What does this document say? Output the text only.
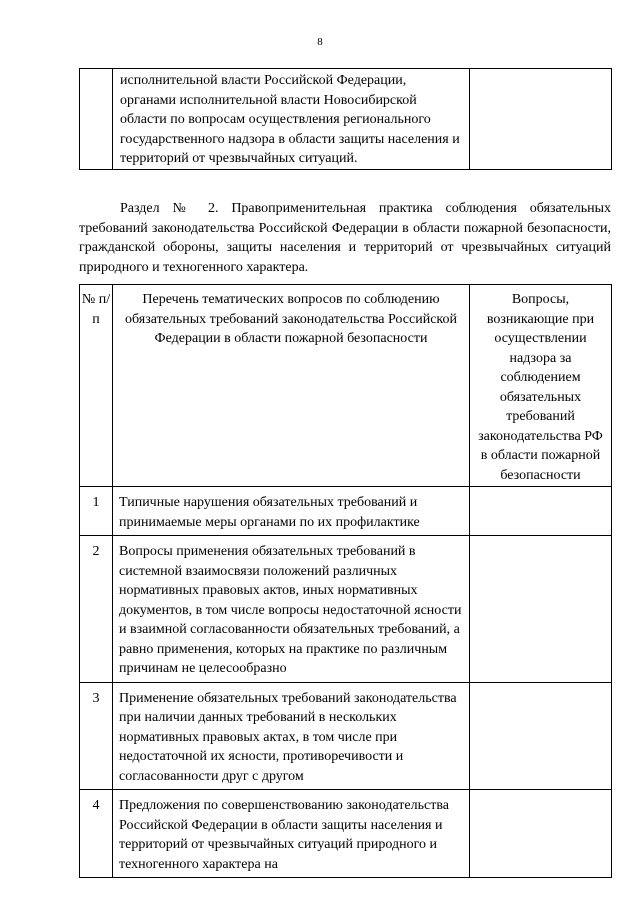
8
	исполнительной власти Российской Федерации, органами исполнительной власти Новосибирской области по вопросам осуществления регионального государственного надзора в области защиты населения и территорий от чрезвычайных ситуаций.	

Раздел № 2. Правоприменительная практика соблюдения обязательных требований законодательства Российской Федерации в области пожарной безопасности, гражданской обороны, защиты населения и территорий от чрезвычайных ситуаций природного и техногенного характера.

№ п/п	Перечень тематических вопросов по соблюдению обязательных требований законодательства Российской Федерации в области пожарной безопасности	Вопросы, возникающие при осуществлении надзора за соблюдением обязательных требований законодательства РФ в области пожарной безопасности
1	Типичные нарушения обязательных требований и принимаемые меры органами по их профилактике	
2	Вопросы применения обязательных требований в системной взаимосвязи положений различных нормативных правовых актов, иных нормативных документов, в том числе вопросы недостаточной ясности и взаимной согласованности обязательных требований, а равно применения, которых на практике по различным причинам не целесообразно	
3	Применение обязательных требований законодательства при наличии данных требований в нескольких нормативных правовых актах, в том числе при недостаточной их ясности, противоречивости и согласованности друг с другом	
4	Предложения по совершенствованию законодательства Российской Федерации в области защиты населения и территорий от чрезвычайных ситуаций природного и техногенного характера на	
